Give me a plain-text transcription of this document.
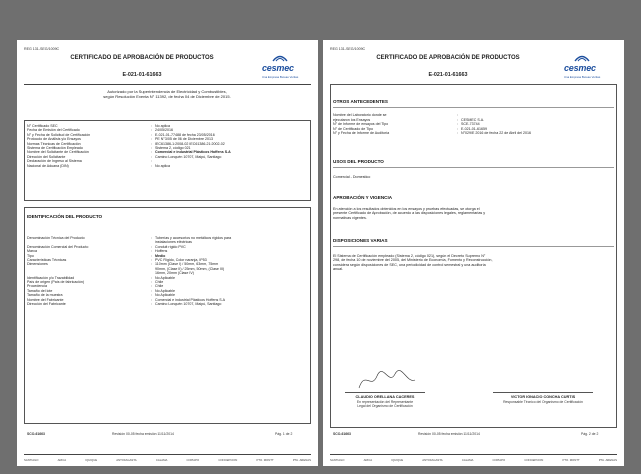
REG 131-SEG/1009C
CERTIFICADO DE APROBACIÓN DE PRODUCTOS
cesmec
Una Empresa Bureau Veritas
E-021-01-61663
Autorizado por la Superintendencia de Electricidad y Combustibles,
según Resolución Exenta N° 11392, de fecha 04 de Diciembre de 2015.
N° Certificado SEC	: No aplica
Fecha de Emisión del Certificado	: 24/05/2016
N° y Fecha de Solicitud de Certificación	: E-021-01-77488 de fecha 23/05/2016
Protocolo de Análisis y/o Ensayos	: PE N°3/05 de 06 de Diciembre 2013
Normas Técnicas de Certificación	: IEC61386-1:2008-02 IEC61386-21:2002-02
Sistema de Certificación Empleado	: Sistema 2, código 021
Nombre del Solicitante de Certificación	: Comercial e industrial Plásticos Hoffens S.A
Dirección del Solicitante	: Camino Lonquén 10707, Maipú, Santiago
Declaración de Ingreso al Sistema	:
Nacional de Aduana (DIN)	: No aplica
IDENTIFICACIÓN DEL PRODUCTO
Denominación Técnica del Producto	: Tuberías y accesorios no metálicos rígidos para
instalaciones eléctricas
Denominación Comercial del Producto	: Conduit rígido PVC
Marca	: Hoffens
Tipo	: Medio
Características Técnicas	: PVC Rígido, Color naranja, IP53
Dimensiones	: 110mm (Clase I) / 50mm, 63mm, 75mm
90mm, (Clase II) / 25mm, 50mm, (Clase III)
16mm, 20mm (Clase IV)
Identificación y/o Trazabilidad	: No Aplicable
País de origen (País de fabricación)	: Chile
Procedencia	: Chile
Tamaño del lote	: No Aplicable
Tamaño de la muestra	: No Aplicable
Nombre del Fabricante	: Comercial e industrial Plásticos Hoffens S.A
Dirección del Fabricante	: Camino Lonquén 10707, Maipú, Santiago
SCO-61663	Revisión 00-05 fecha emisión 11/11/2014	Pág. 1 de 2
SANTIAGO	ARICA	IQUIQUE	ANTOFAGASTA	CALAMA	COPIAPO	CONCEPCION	PTO. MONTT	PTA. ARENAS
REG 131-SEG/1009C
CERTIFICADO DE APROBACIÓN DE PRODUCTOS
cesmec
Una Empresa Bureau Veritas
E-021-01-61663
OTROS ANTECEDENTES
Nombre del Laboratorio donde se	:
ejecutaron los Ensayos	: CESMEC S.A.
N° de Informe de ensayos del Tipo	: SCE-73744
N° de Certificado de Tipo	: E-021-01-61659
N° y Fecha de Informe de Auditoría	: N°029/E 2016 de fecha 22 de Abril del 2016
USOS DEL PRODUCTO
Comercial - Domestico
APROBACIÓN Y VIGENCIA
En atención a los resultados obtenidos en los ensayos y pruebas efectuadas, se otorga el
presente Certificado de Aprobación, de acuerdo a las disposiciones legales, reglamentarias y
normativas vigentes.
DISPOSICIONES VARIAS
El Sistema de Certificación empleado (Sistema 2, código 021), según el Decreto Supremo N°
298, de fecha 10 de noviembre del 2005, del Ministerio de Economía, Fomento y Reconstrucción,
considera según disposiciones de SEC, una periodicidad de control semestral y una auditoría
anual.
CLAUDIO ORELLANA CACERES
En representación del Representante
Legal del Organismo de Certificación
VICTOR IGNACIO CONCHA CURTIS
Responsable Técnico del Organismo de Certificación
SCO-61663	Revisión 00-05 fecha emisión 11/11/2014	Pág. 2 de 2
SANTIAGO	ARICA	IQUIQUE	ANTOFAGASTA	CALAMA	COPIAPO	CONCEPCION	PTO. MONTT	PTA. ARENAS
